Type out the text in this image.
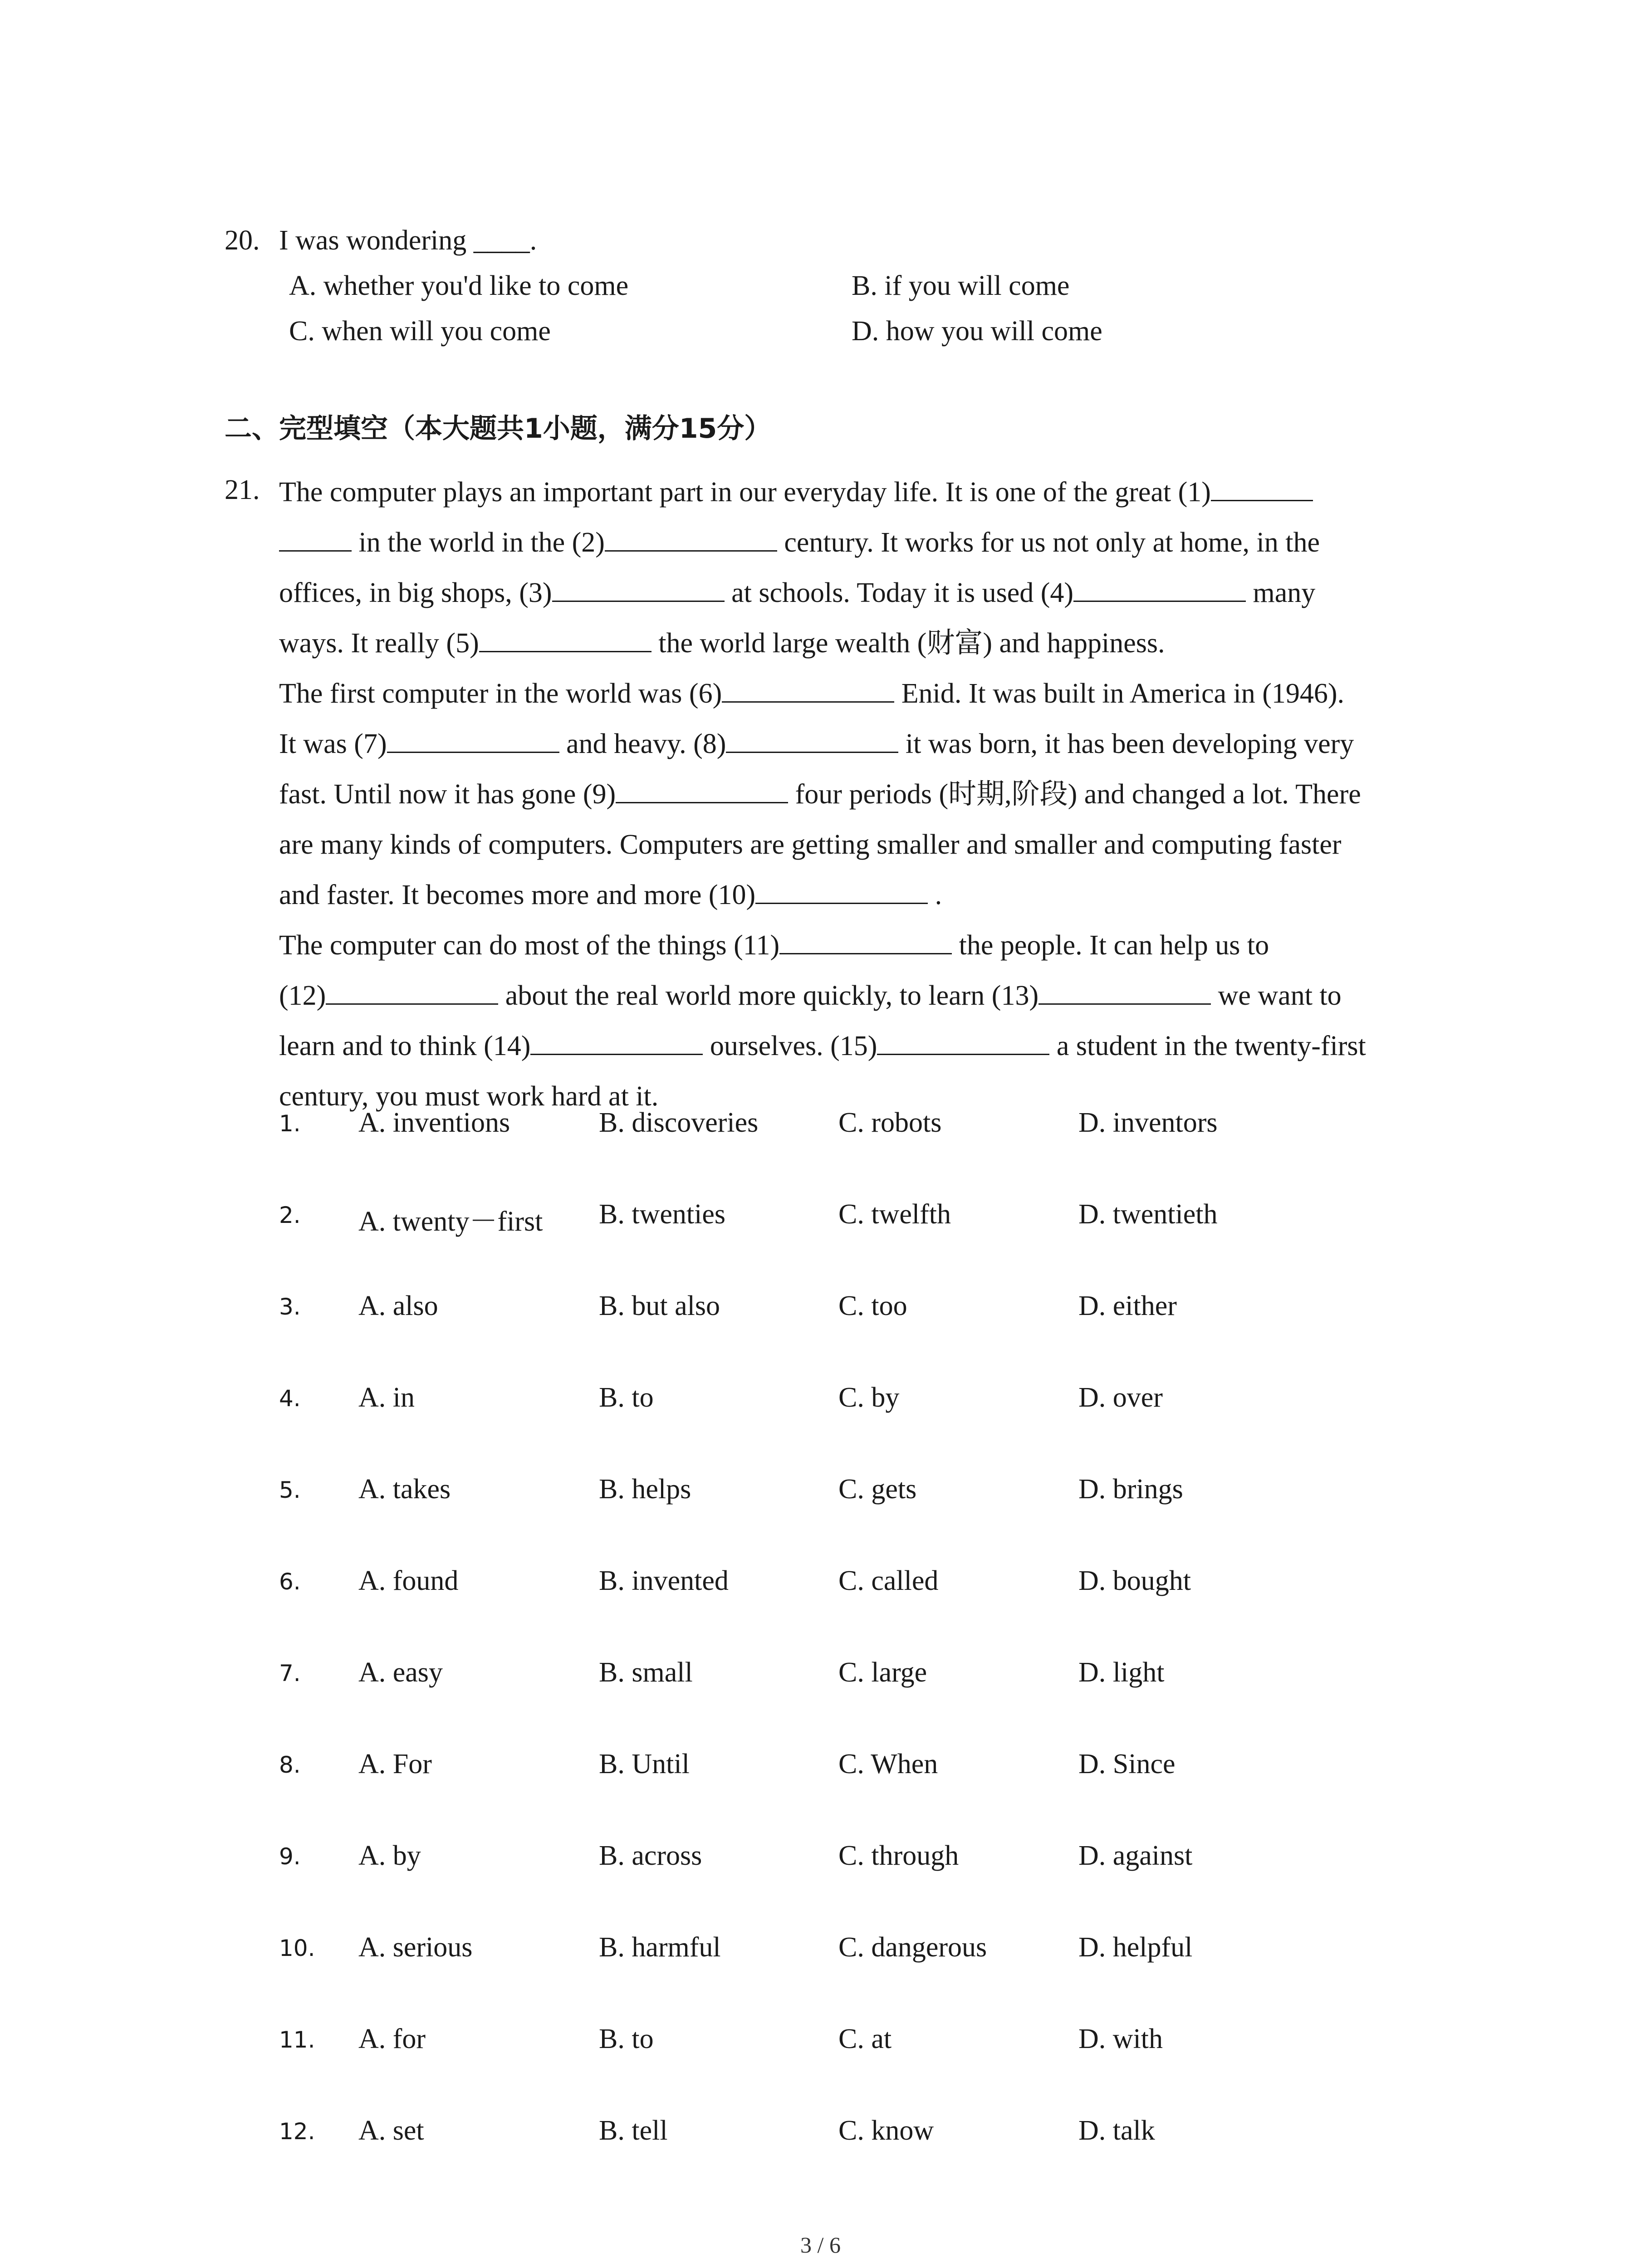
20. I was wondering ____.
A. whether you'd like to come	B. if you will come
C. when will you come	D. how you will come
二、完型填空（本大题共1小题，满分15分）
21. The computer plays an important part in our everyday life. It is one of the great (1)
in the world in the (2)	century. It works for us not only at home, in the
offices, in big shops, (3)	at schools. Today it is used (4)	many
ways. It really (5)	the world large wealth (财富) and happiness.
The first computer in the world was (6)	Enid. It was built in America in (1946).
It was (7)	and heavy. (8)	it was born, it has been developing very
fast. Until now it has gone (9)	four periods (时期,阶段) and changed a lot. There
are many kinds of computers. Computers are getting smaller and smaller and computing faster
and faster. It becomes more and more (10)	.
The computer can do most of the things (11)	the people. It can help us to
(12)	about the real world more quickly, to learn (13)	we want to
learn and to think (14)	ourselves. (15)	a student in the twenty-first
century, you must work hard at it.
1. A. inventions	B. discoveries	C. robots	D. inventors
2. A. twenty－first B. twenties	C. twelfth	D. twentieth
3. A. also	B. but also	C. too	D. either
4. A. in	B. to	C. by	D. over
5. A. takes	B. helps	C. gets	D. brings
6. A. found	B. invented	C. called	D. bought
7. A. easy	B. small	C. large	D. light
8. A. For	B. Until	C. When	D. Since
9. A. by	B. across	C. through	D. against
10. A. serious	B. harmful	C. dangerous	D. helpful
11. A. for	B. to	C. at	D. with
12. A. set	B. tell	C. know	D. talk
3 / 6
